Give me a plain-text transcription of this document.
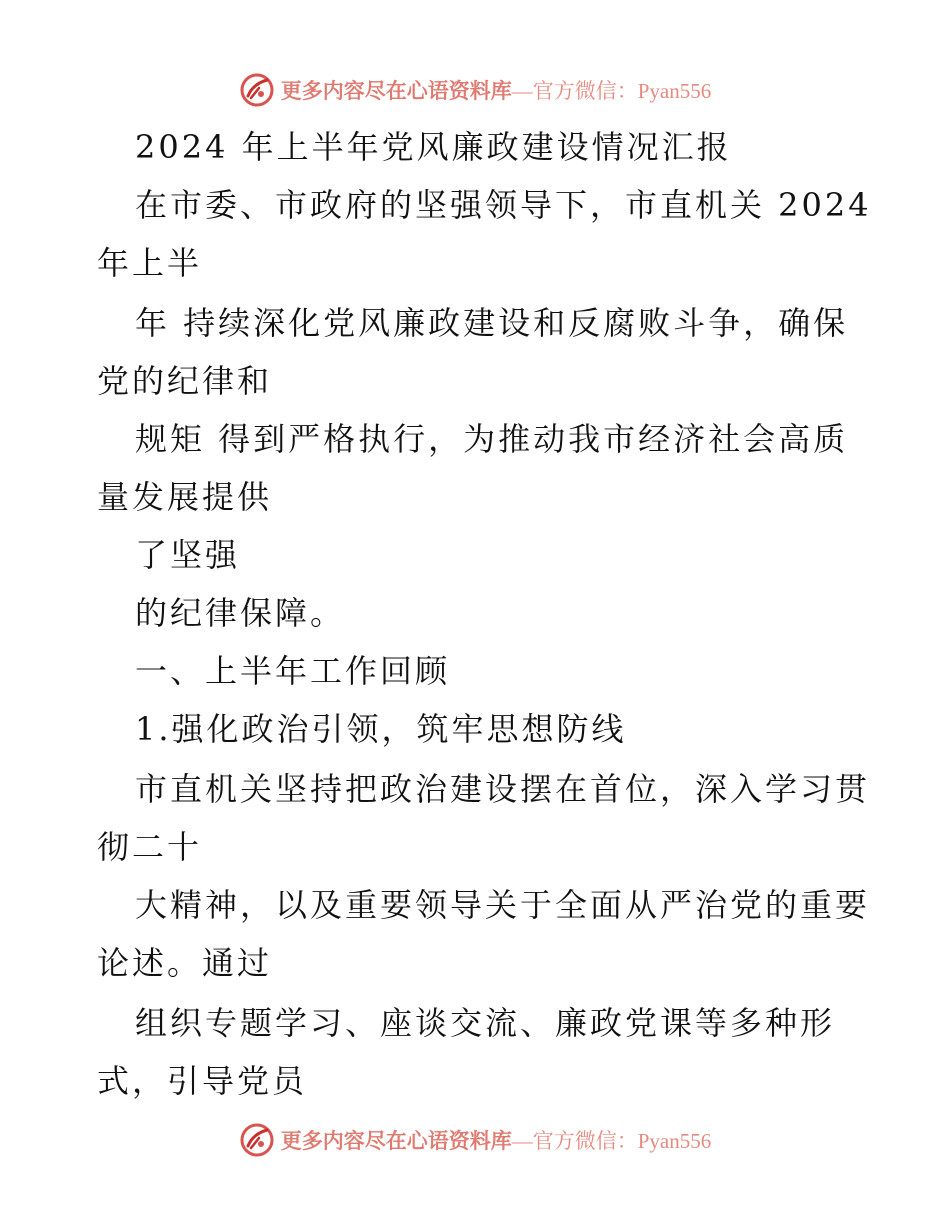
更多内容尽在心语资料库—官方微信：Pyan556
2024 年上半年党风廉政建设情况汇报
在市委、市政府的坚强领导下，市直机关 2024
年上半
年 持续深化党风廉政建设和反腐败斗争，确保
党的纪律和
规矩 得到严格执行，为推动我市经济社会高质
量发展提供
了坚强
的纪律保障。
一、上半年工作回顾
1.强化政治引领，筑牢思想防线
市直机关坚持把政治建设摆在首位，深入学习贯
彻二十
大精神，以及重要领导关于全面从严治党的重要
论述。通过
组织专题学习、座谈交流、廉政党课等多种形
式，引导党员
更多内容尽在心语资料库—官方微信：Pyan556
